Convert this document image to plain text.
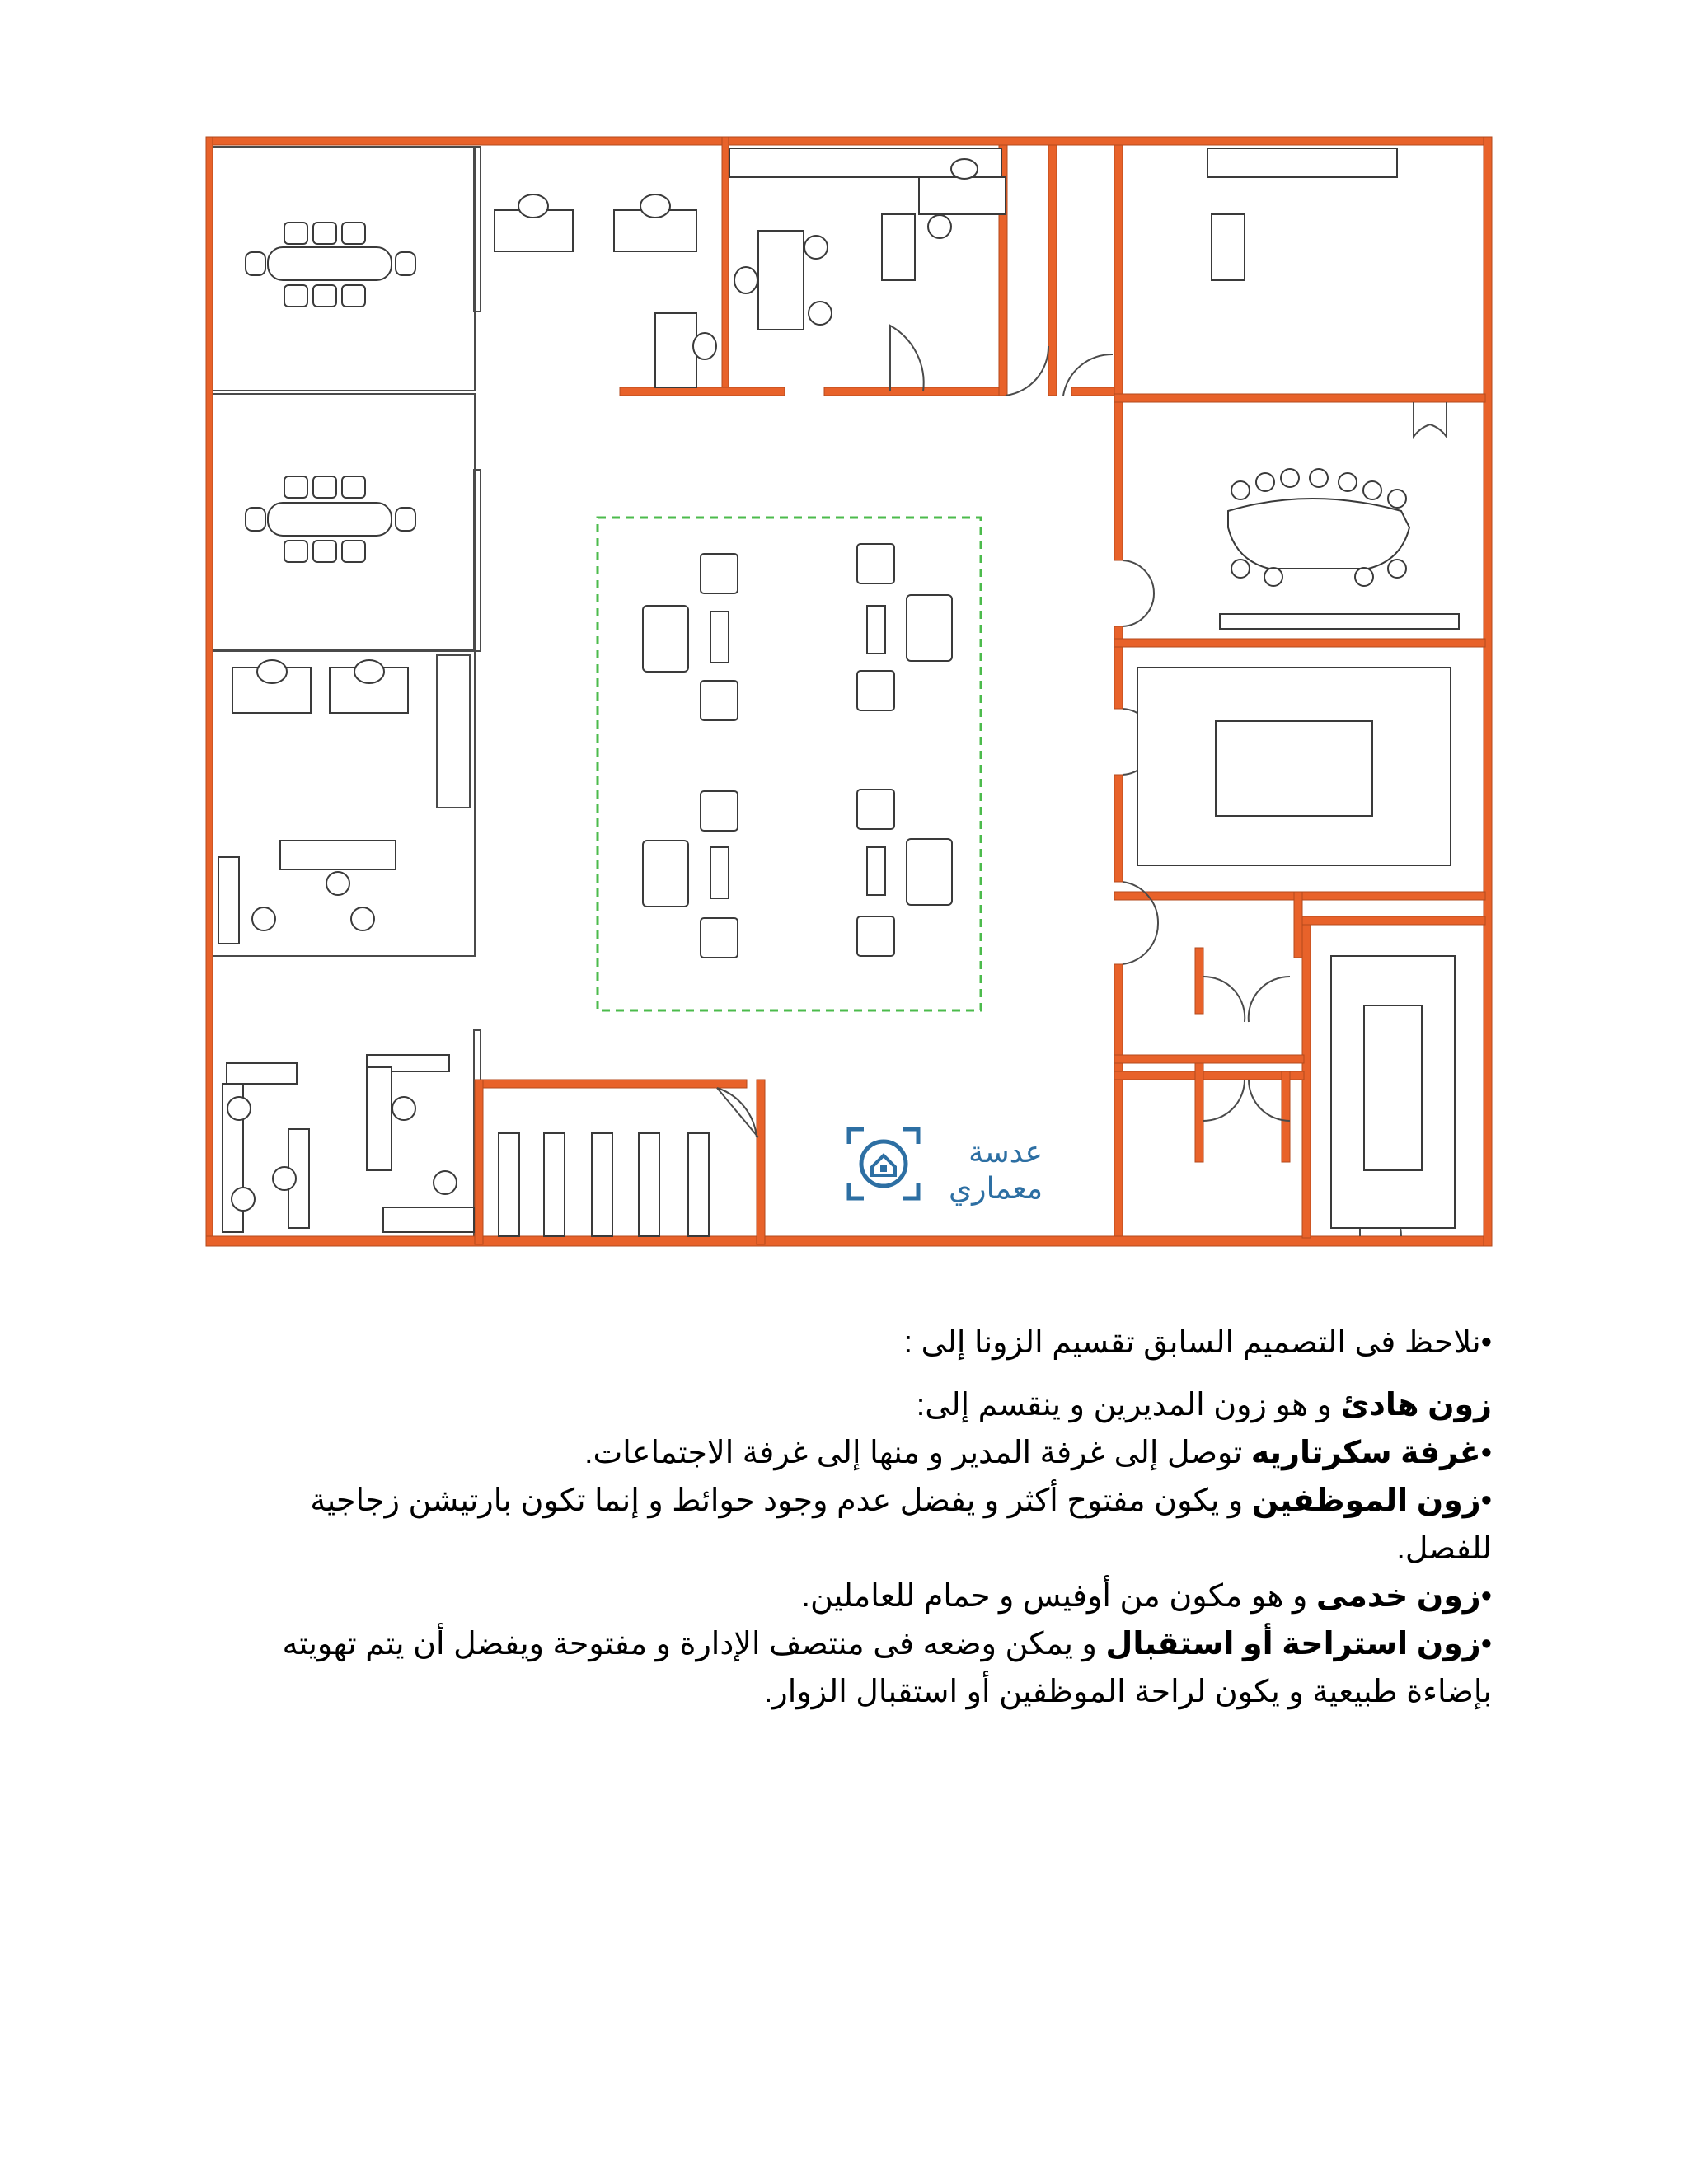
عدسة
معماري

•نلاحظ فى التصميم السابق تقسيم الزونا إلى :

زون هادئ و هو زون المديرين و ينقسم إلى:

•غرفة سكرتاريه توصل إلى غرفة المدير و منها إلى غرفة الاجتماعات.

•زون الموظفين و يكون مفتوح أكثر و يفضل عدم وجود حوائط و إنما تكون بارتيشن زجاجية للفصل.

•زون خدمى و هو مكون من أوفيس و حمام للعاملين.

•زون استراحة أو استقبال و يمكن وضعه فى منتصف الإدارة و مفتوحة ويفضل أن يتم تهويته بإضاءة طبيعية و يكون لراحة الموظفين أو استقبال الزوار.
